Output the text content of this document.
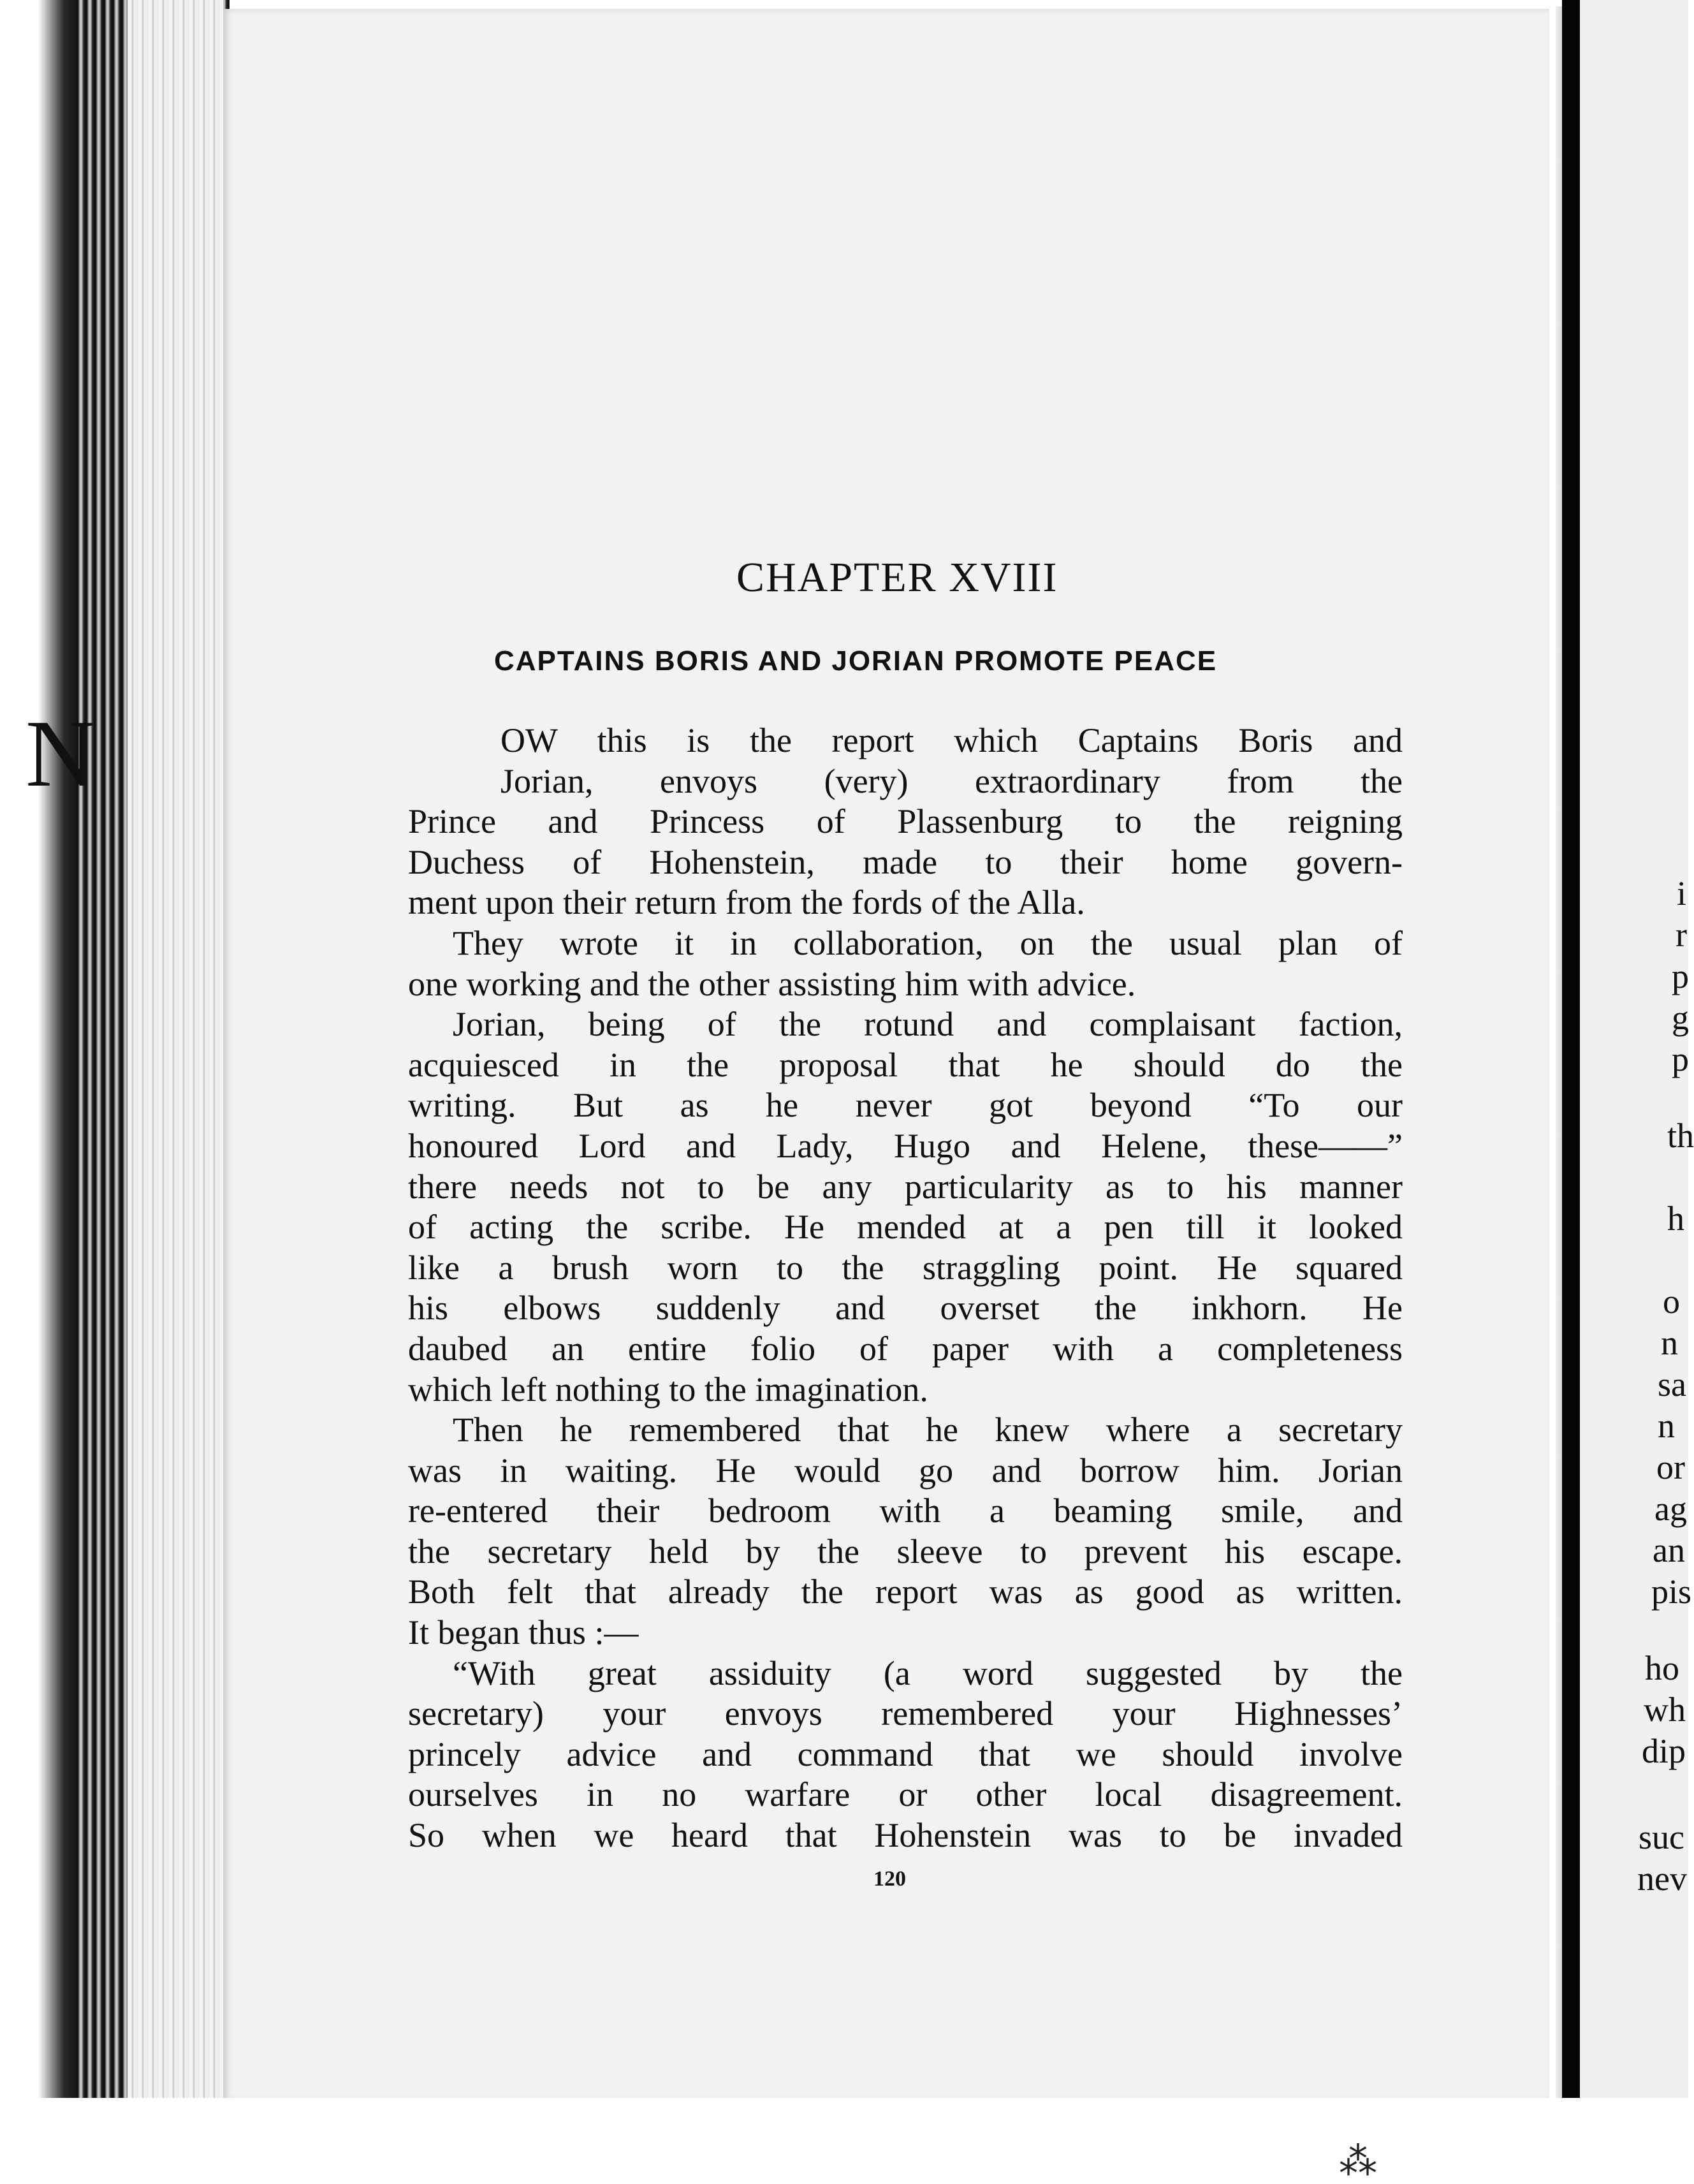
i
r
p
g
p
th
h
o
n
sa
n
or
ag
an
pis
ho
wh
dip
suc
nev
⁂
CHAPTER XVIII
CAPTAINS BORIS AND JORIAN PROMOTE PEACE
N	OW this is the report which Captains Boris and
Jorian, envoys (very) extraordinary from the
Prince and Princess of Plassenburg to the reigning
Duchess of Hohenstein, made to their home govern-
ment upon their return from the fords of the Alla.
They wrote it in collaboration, on the usual plan of
one working and the other assisting him with advice.
Jorian, being of the rotund and complaisant faction,
acquiesced in the proposal that he should do the
writing. But as he never got beyond “To our
honoured Lord and Lady, Hugo and Helene, these——”
there needs not to be any particularity as to his manner
of acting the scribe. He mended at a pen till it looked
like a brush worn to the straggling point. He squared
his elbows suddenly and overset the inkhorn. He
daubed an entire folio of paper with a completeness
which left nothing to the imagination.
Then he remembered that he knew where a secretary
was in waiting. He would go and borrow him. Jorian
re-entered their bedroom with a beaming smile, and
the secretary held by the sleeve to prevent his escape.
Both felt that already the report was as good as written.
It began thus :—
“With great assiduity (a word suggested by the
secretary) your envoys remembered your Highnesses’
princely advice and command that we should involve
ourselves in no warfare or other local disagreement.
So when we heard that Hohenstein was to be invaded
120
